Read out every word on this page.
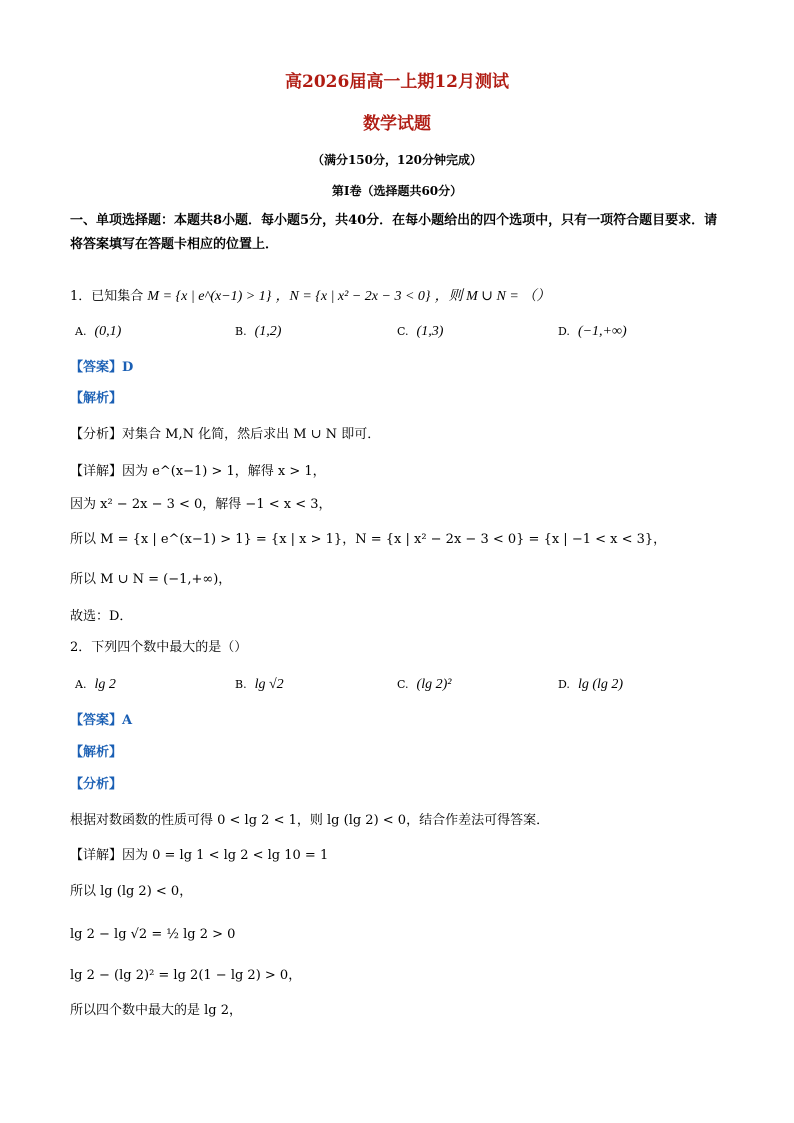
高2026届高一上期12月测试
数学试题
（满分150分，120分钟完成）
第Ⅰ卷（选择题共60分）
一、单项选择题：本题共8小题．每小题5分，共40分．在每小题给出的四个选项中，只有一项符合题目要求．请将答案填写在答题卡相应的位置上．
1．已知集合 M = {x | e^(x−1) > 1} ，N = {x | x² − 2x − 3 < 0} ，则 M ∪ N = （）
A. (0,1)	B. (1,2)	C. (1,3)	D. (−1,+∞)
【答案】D
【解析】
【分析】对集合 M,N 化简，然后求出 M ∪ N 即可．
【详解】因为 e^(x−1) > 1，解得 x > 1，
因为 x² − 2x − 3 < 0，解得 −1 < x < 3，
所以 M = {x | e^(x−1) > 1} = {x | x > 1}，N = {x | x² − 2x − 3 < 0} = {x | −1 < x < 3}，
所以 M ∪ N = (−1,+∞)，
故选：D．
2．下列四个数中最大的是（）
A. lg 2	B. lg √2	C. (lg 2)²	D. lg (lg 2)
【答案】A
【解析】
【分析】
根据对数函数的性质可得 0 < lg 2 < 1，则 lg (lg 2) < 0，结合作差法可得答案．
【详解】因为 0 = lg 1 < lg 2 < lg 10 = 1
所以 lg (lg 2) < 0，
lg 2 − lg √2 = ½ lg 2 > 0
lg 2 − (lg 2)² = lg 2(1 − lg 2) > 0，
所以四个数中最大的是 lg 2，
